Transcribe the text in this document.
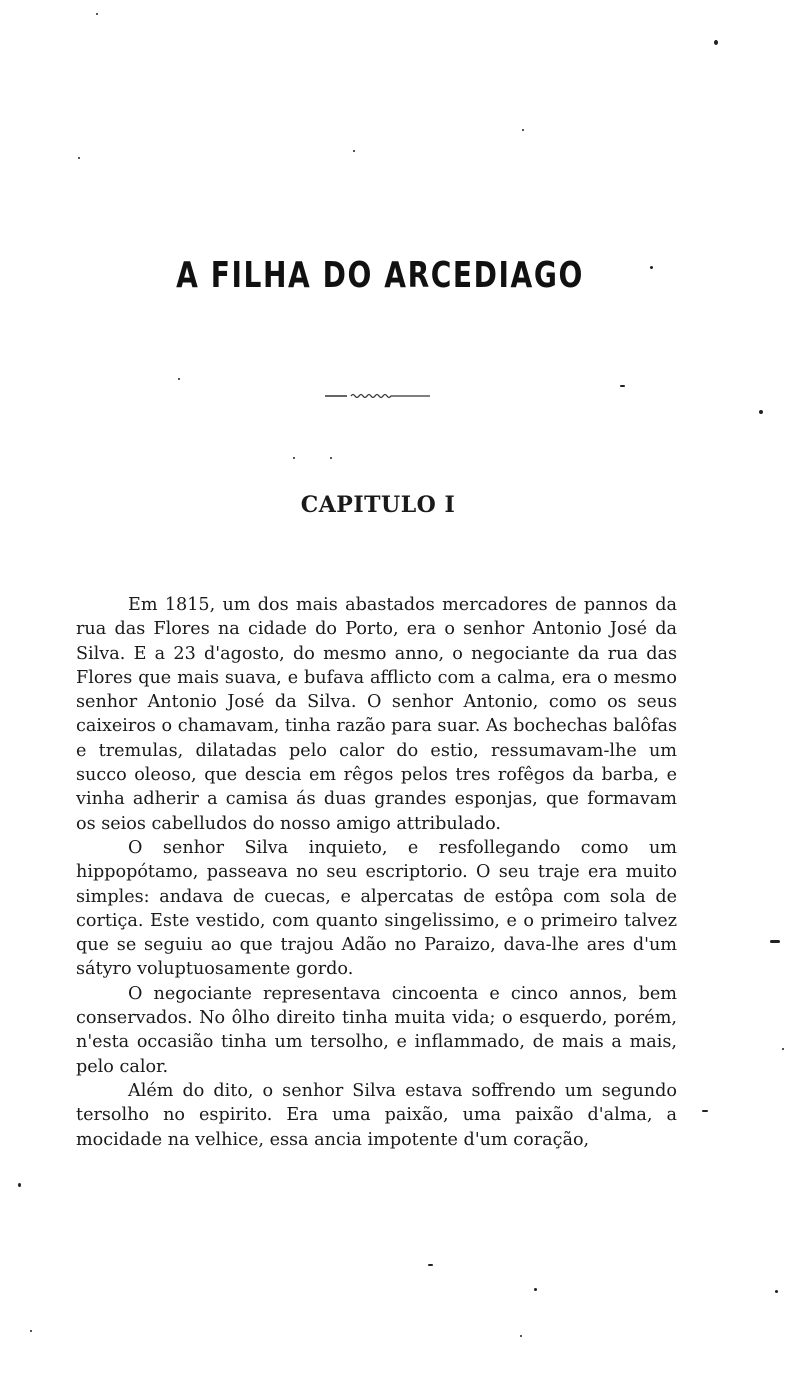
A FILHA DO ARCEDIAGO
CAPITULO I

Em 1815, um dos mais abastados mercadores de pannos da rua das Flores na cidade do Porto, era o senhor Antonio José da Silva. E a 23 d'agosto, do mesmo anno, o negociante da rua das Flores que mais suava, e bufava afflicto com a calma, era o mesmo senhor Antonio José da Silva. O senhor Antonio, como os seus caixeiros o chamavam, tinha razão para suar. As bochechas balôfas e tremulas, dilatadas pelo calor do estio, ressumavam-lhe um succo oleoso, que descia em rêgos pelos tres rofêgos da barba, e vinha adherir a camisa ás duas grandes esponjas, que formavam os seios cabelludos do nosso amigo attribulado.

O senhor Silva inquieto, e resfollegando como um hippopótamo, passeava no seu escriptorio. O seu traje era muito simples: andava de cuecas, e alpercatas de estôpa com sola de cortiça. Este vestido, com quanto singelissimo, e o primeiro talvez que se seguiu ao que trajou Adão no Paraizo, dava-lhe ares d'um sátyro voluptuosamente gordo.

O negociante representava cincoenta e cinco annos, bem conservados. No ôlho direito tinha muita vida; o esquerdo, porém, n'esta occasião tinha um tersolho, e inflammado, de mais a mais, pelo calor.

Além do dito, o senhor Silva estava soffrendo um segundo tersolho no espirito. Era uma paixão, uma paixão d'alma, a mocidade na velhice, essa ancia impotente d'um coração,
